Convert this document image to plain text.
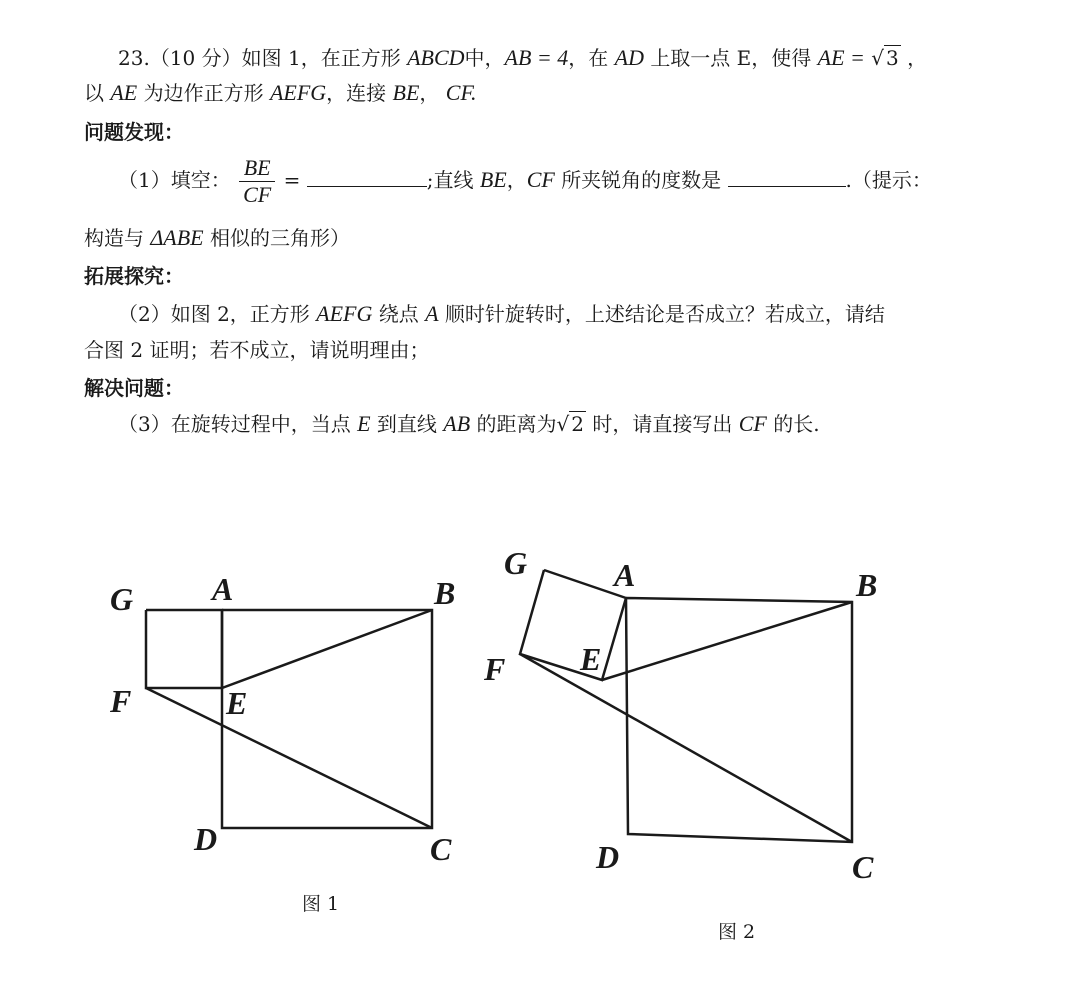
23.（10 分）如图 1，在正方形 ABCD中，AB = 4，在 AD 上取一点 E，使得 AE = √ 3 ，
以 AE 为边作正方形 AEFG，连接 BE， CF.
问题发现：
（1）填空： $\frac{BE}{CF}$ =	;直线 BE，CF 所夹锐角的度数是	.（提示：
构造与 ΔABE 相似的三角形）
拓展探究：
（2）如图 2，正方形 AEFG 绕点 A 顺时针旋转时，上述结论是否成立？若成立，请结
合图 2 证明；若不成立，请说明理由；
解决问题：
（3）在旋转过程中，当点 E 到直线 AB 的距离为√ 2 时，请直接写出 CF 的长.
G A	B
F	E
D	C
图 1
G	A	B
F E
D	C
图 2
